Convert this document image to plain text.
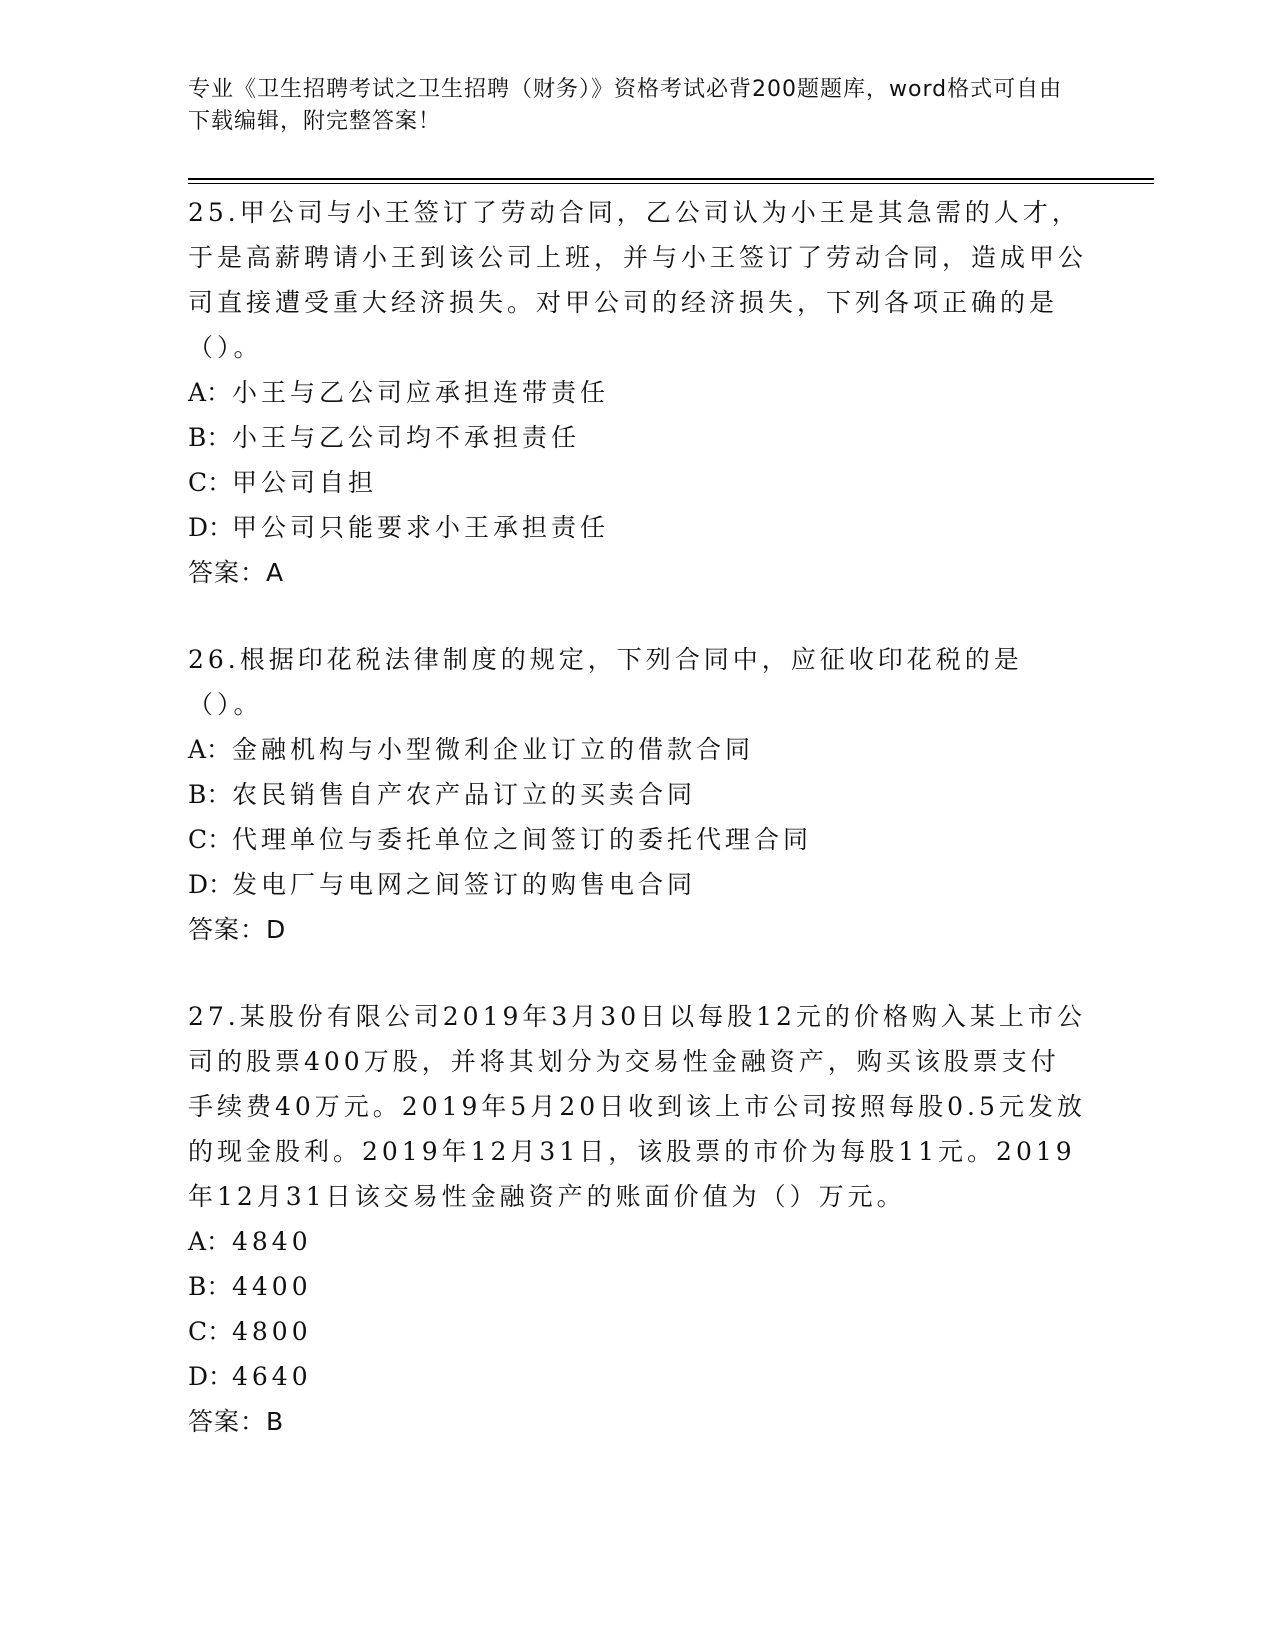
专业《卫生招聘考试之卫生招聘（财务）》资格考试必背200题题库，word格式可自由下载编辑，附完整答案！
25.甲公司与小王签订了劳动合同，乙公司认为小王是其急需的人才，于是高薪聘请小王到该公司上班，并与小王签订了劳动合同，造成甲公司直接遭受重大经济损失。对甲公司的经济损失，下列各项正确的是（）。
A：小王与乙公司应承担连带责任
B：小王与乙公司均不承担责任
C：甲公司自担
D：甲公司只能要求小王承担责任
答案：A
26.根据印花税法律制度的规定，下列合同中，应征收印花税的是（）。
A：金融机构与小型微利企业订立的借款合同
B：农民销售自产农产品订立的买卖合同
C：代理单位与委托单位之间签订的委托代理合同
D：发电厂与电网之间签订的购售电合同
答案：D
27.某股份有限公司2019年3月30日以每股12元的价格购入某上市公司的股票400万股，并将其划分为交易性金融资产，购买该股票支付手续费40万元。2019年5月20日收到该上市公司按照每股0.5元发放的现金股利。2019年12月31日，该股票的市价为每股11元。2019年12月31日该交易性金融资产的账面价值为（）万元。
A：4840
B：4400
C：4800
D：4640
答案：B
